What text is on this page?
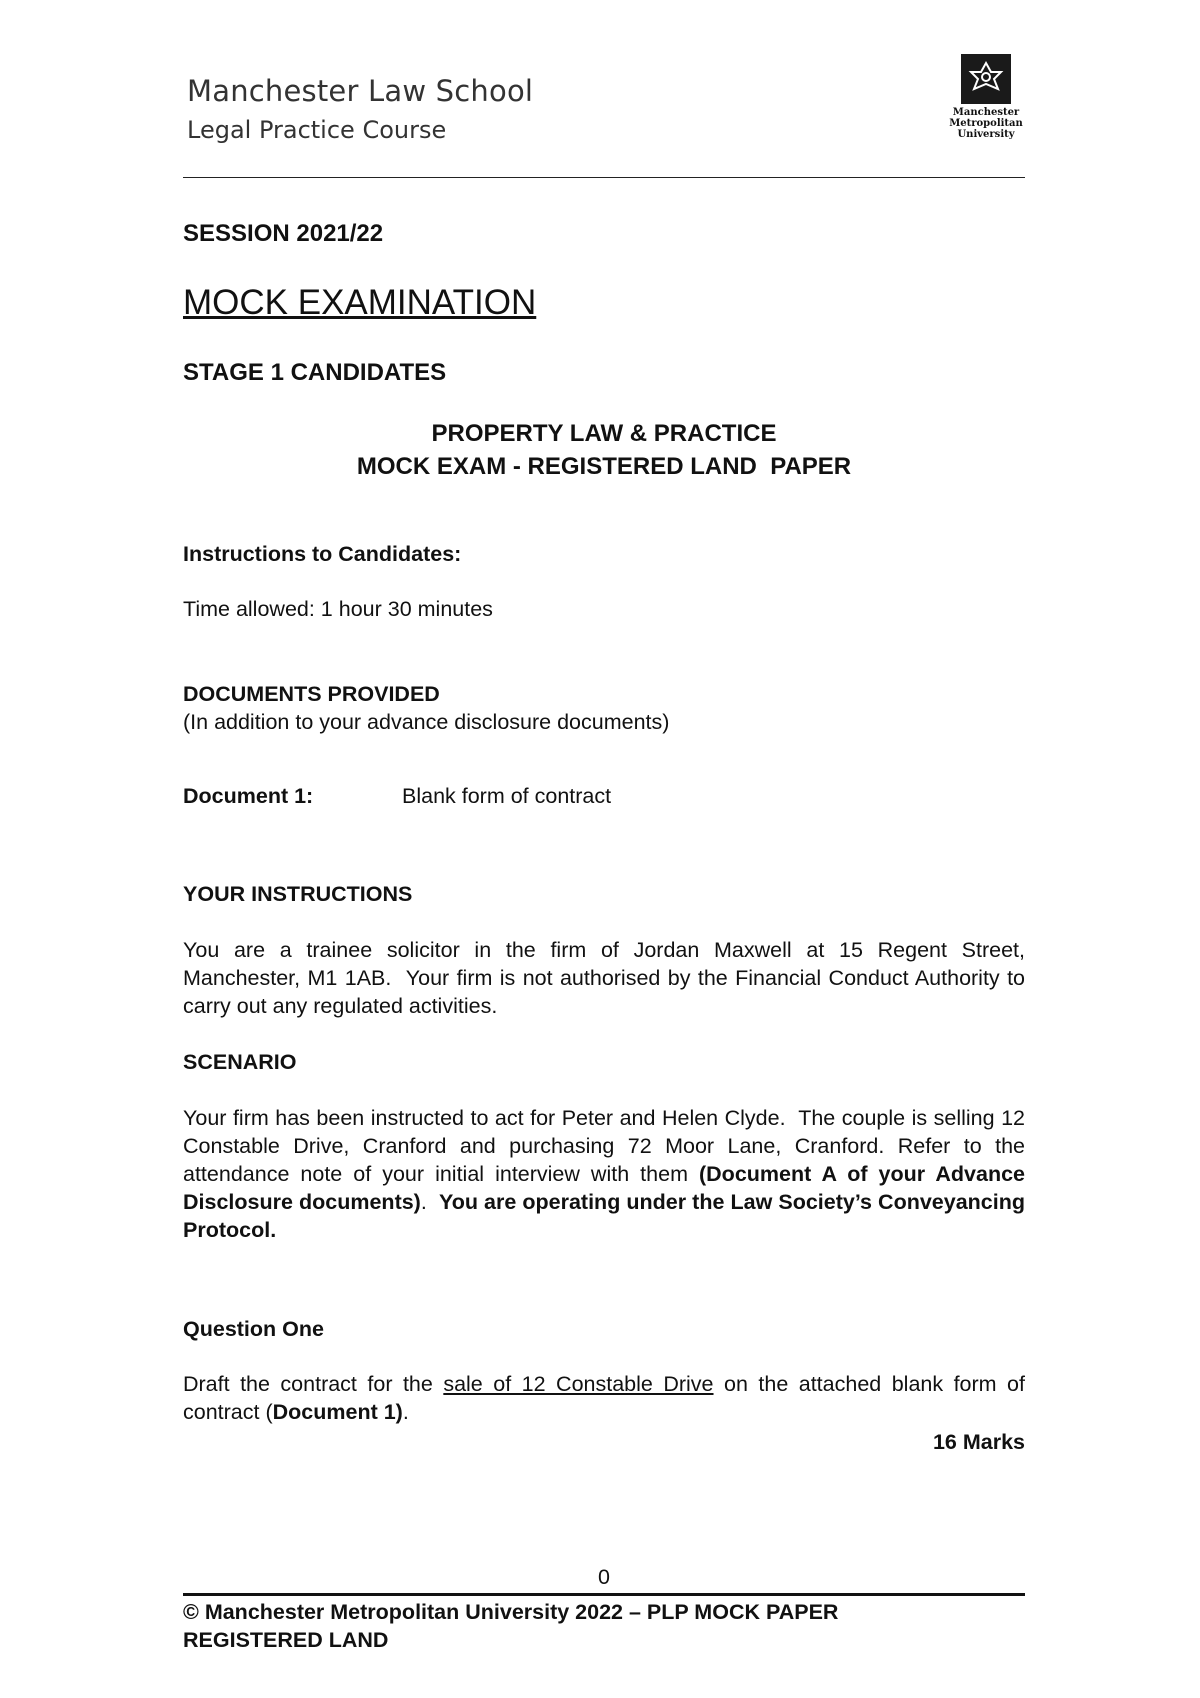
Manchester Law School
Legal Practice Course
Manchester
Metropolitan
University
SESSION 2021/22
MOCK EXAMINATION
STAGE 1 CANDIDATES
PROPERTY LAW & PRACTICE
MOCK EXAM - REGISTERED LAND  PAPER
Instructions to Candidates:
Time allowed: 1 hour 30 minutes
DOCUMENTS PROVIDED
(In addition to your advance disclosure documents)
Document 1:	Blank form of contract
YOUR INSTRUCTIONS
You are a trainee solicitor in the firm of Jordan Maxwell at 15 Regent Street, Manchester, M1 1AB.  Your firm is not authorised by the Financial Conduct Authority to carry out any regulated activities.
SCENARIO
Your firm has been instructed to act for Peter and Helen Clyde.  The couple is selling 12 Constable Drive, Cranford and purchasing 72 Moor Lane, Cranford. Refer to the attendance note of your initial interview with them (Document A of your Advance Disclosure documents).  You are operating under the Law Society’s Conveyancing Protocol.
Question One
Draft the contract for the sale of 12 Constable Drive on the attached blank form of contract (Document 1).
16 Marks
0
© Manchester Metropolitan University 2022 – PLP MOCK PAPER
REGISTERED LAND
